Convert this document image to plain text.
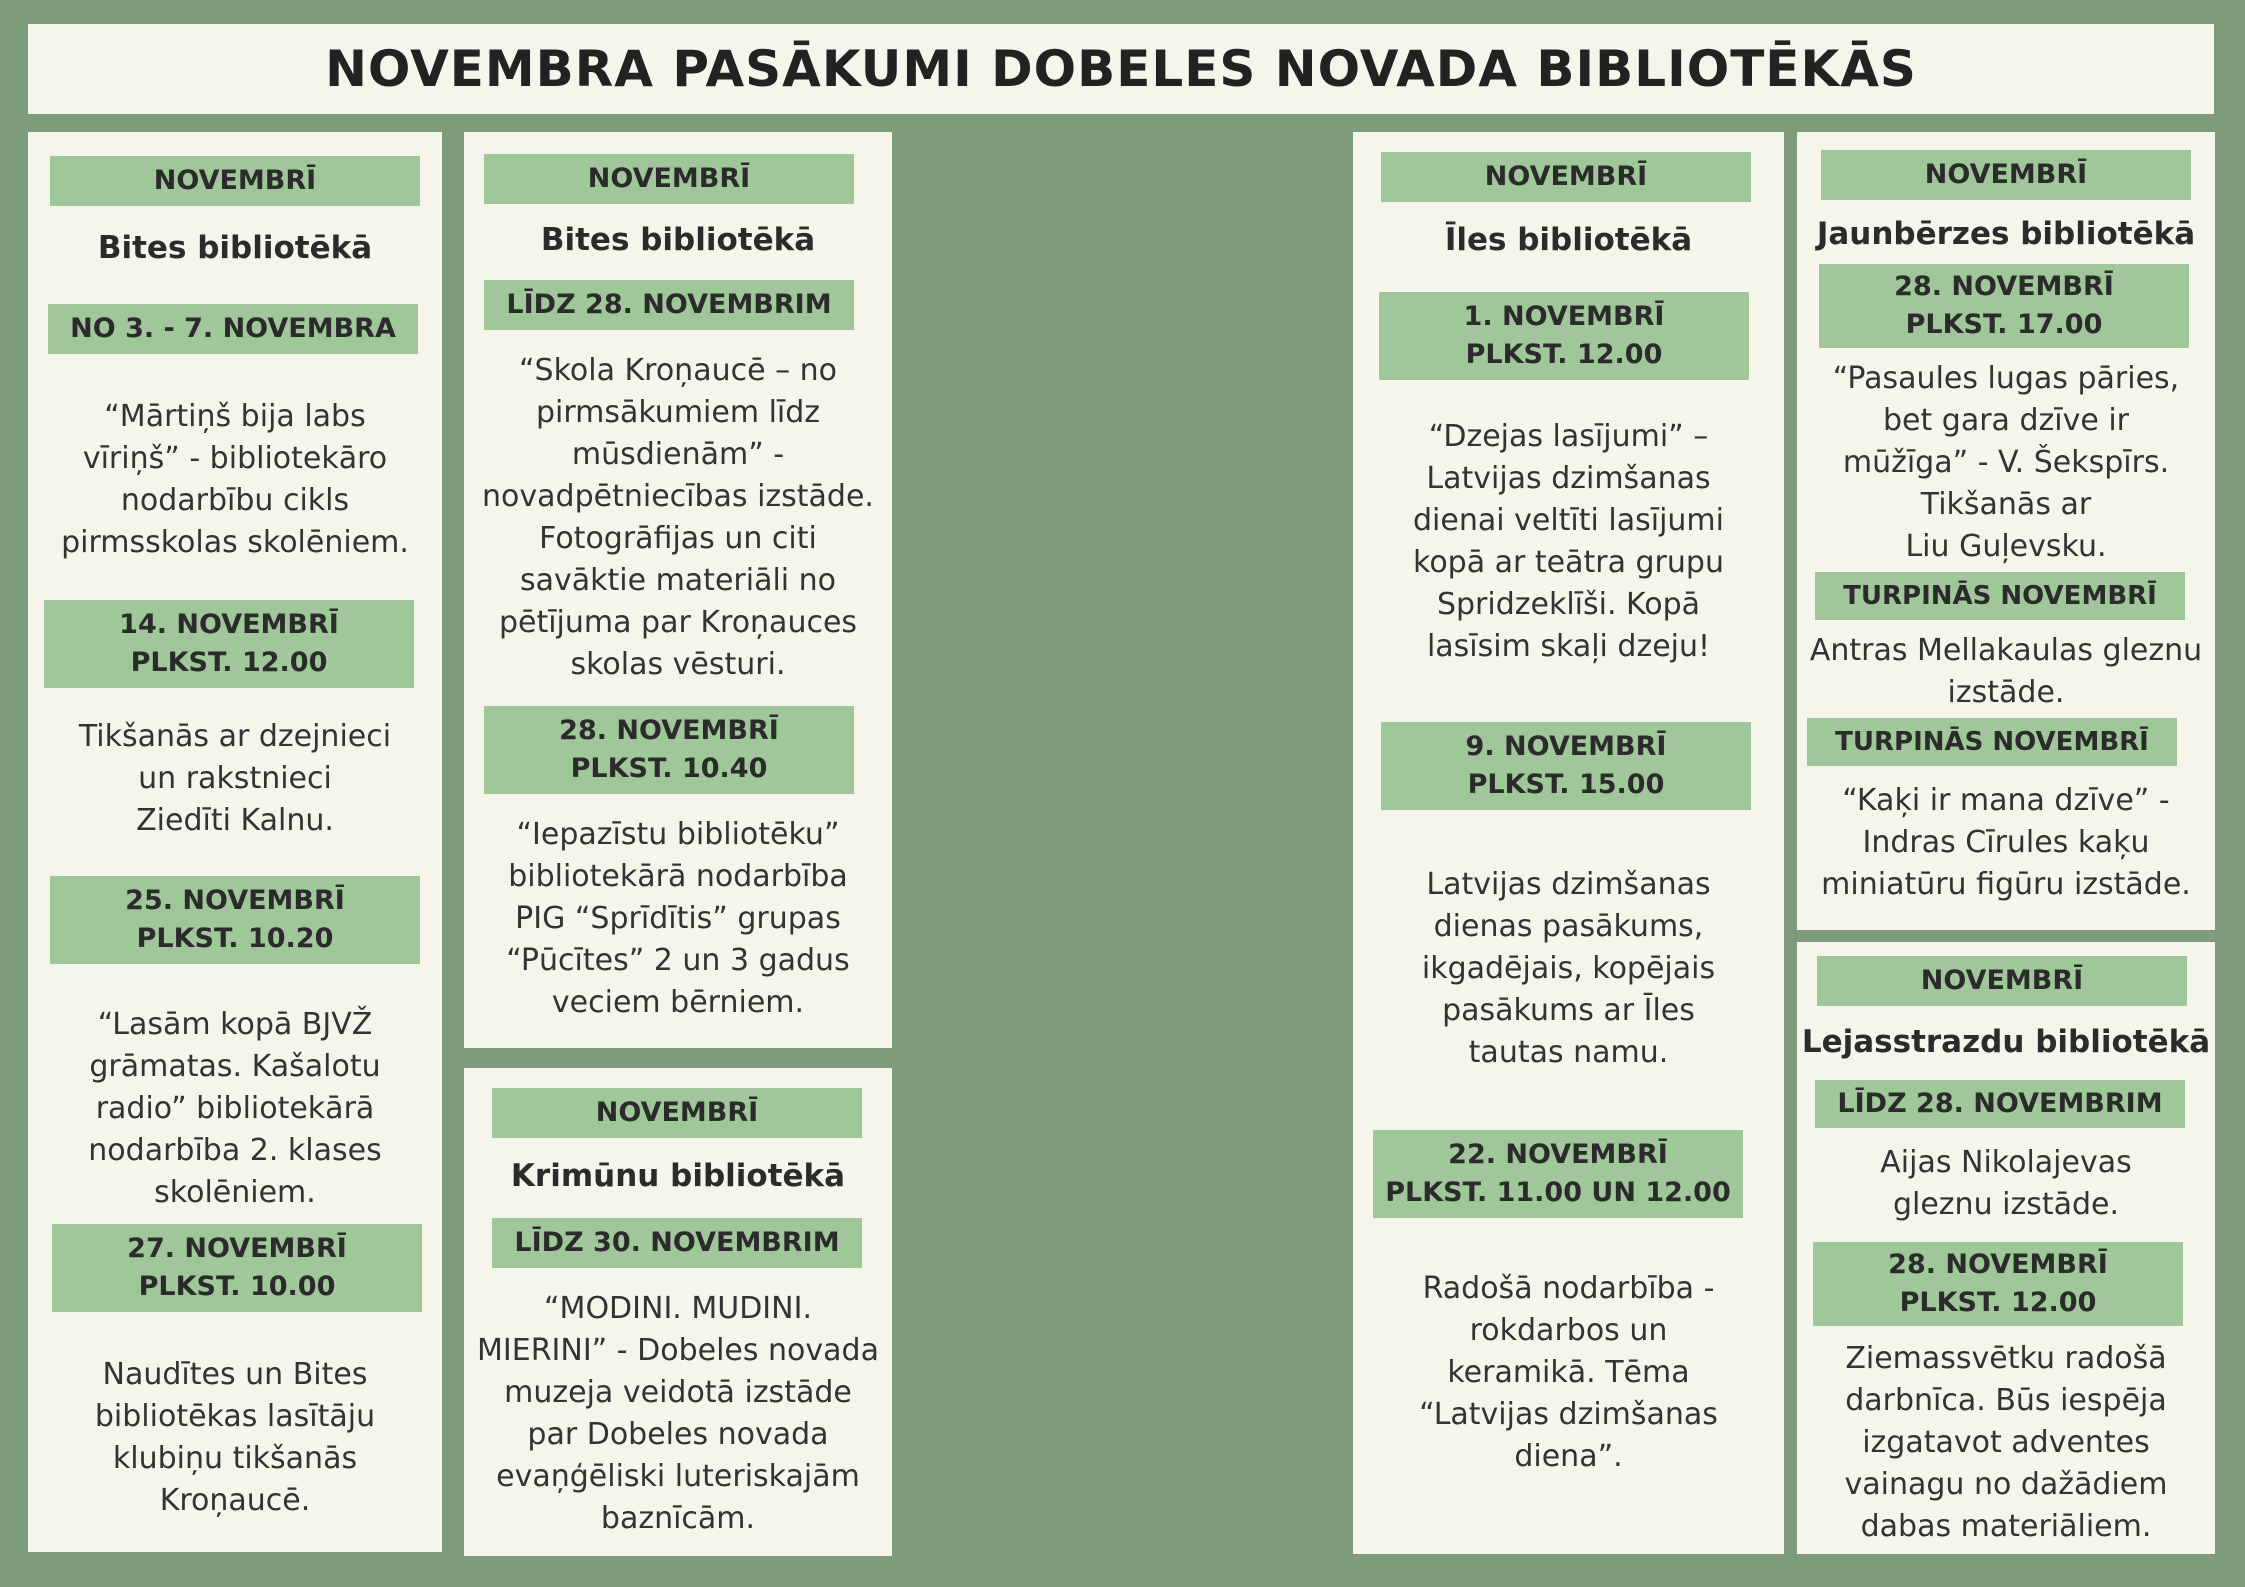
NOVEMBRA PASĀKUMI DOBELES NOVADA BIBLIOTĒKĀS
NOVEMBRĪ
Bites bibliotēkā
NO 3. - 7. NOVEMBRA
“Mārtiņš bija labs
vīriņš” - bibliotekāro
nodarbību cikls
pirmsskolas skolēniem.
14. NOVEMBRĪ
PLKST. 12.00
Tikšanās ar dzejnieci
un rakstnieci
Ziedīti Kalnu.
25. NOVEMBRĪ
PLKST. 10.20
“Lasām kopā BJVŽ
grāmatas. Kašalotu
radio” bibliotekārā
nodarbība 2. klases
skolēniem.
27. NOVEMBRĪ
PLKST. 10.00
Naudītes un Bites
bibliotēkas lasītāju
klubiņu tikšanās
Kroņaucē.
NOVEMBRĪ
Bites bibliotēkā
LĪDZ 28. NOVEMBRIM
“Skola Kroņaucē – no
pirmsākumiem līdz
mūsdienām” -
novadpētniecības izstāde.
Fotogrāfijas un citi
savāktie materiāli no
pētījuma par Kroņauces
skolas vēsturi.
28. NOVEMBRĪ
PLKST. 10.40
“Iepazīstu bibliotēku”
bibliotekārā nodarbība
PIG “Sprīdītis” grupas
“Pūcītes” 2 un 3 gadus
veciem bērniem.
NOVEMBRĪ
Krimūnu bibliotēkā
LĪDZ 30. NOVEMBRIM
“MODINI. MUDINI.
MIERINI” - Dobeles novada
muzeja veidotā izstāde
par Dobeles novada
evaņģēliski luteriskajām
baznīcām.
NOVEMBRĪ
Īles bibliotēkā
1. NOVEMBRĪ
PLKST. 12.00
“Dzejas lasījumi” –
Latvijas dzimšanas
dienai veltīti lasījumi
kopā ar teātra grupu
Spridzeklīši. Kopā
lasīsim skaļi dzeju!
9. NOVEMBRĪ
PLKST. 15.00
Latvijas dzimšanas
dienas pasākums,
ikgadējais, kopējais
pasākums ar Īles
tautas namu.
22. NOVEMBRĪ
PLKST. 11.00 UN 12.00
Radošā nodarbība -
rokdarbos un
keramikā. Tēma
“Latvijas dzimšanas
diena”.
NOVEMBRĪ
Jaunbērzes bibliotēkā
28. NOVEMBRĪ
PLKST. 17.00
“Pasaules lugas pāries,
bet gara dzīve ir
mūžīga” - V. Šekspīrs.
Tikšanās ar
Liu Guļevsku.
TURPINĀS NOVEMBRĪ
Antras Mellakaulas gleznu
izstāde.
TURPINĀS NOVEMBRĪ
“Kaķi ir mana dzīve” -
Indras Cīrules kaķu
miniatūru figūru izstāde.
NOVEMBRĪ
Lejasstrazdu bibliotēkā
LĪDZ 28. NOVEMBRIM
Aijas Nikolajevas
gleznu izstāde.
28. NOVEMBRĪ
PLKST. 12.00
Ziemassvētku radošā
darbnīca. Būs iespēja
izgatavot adventes
vainagu no dažādiem
dabas materiāliem.
